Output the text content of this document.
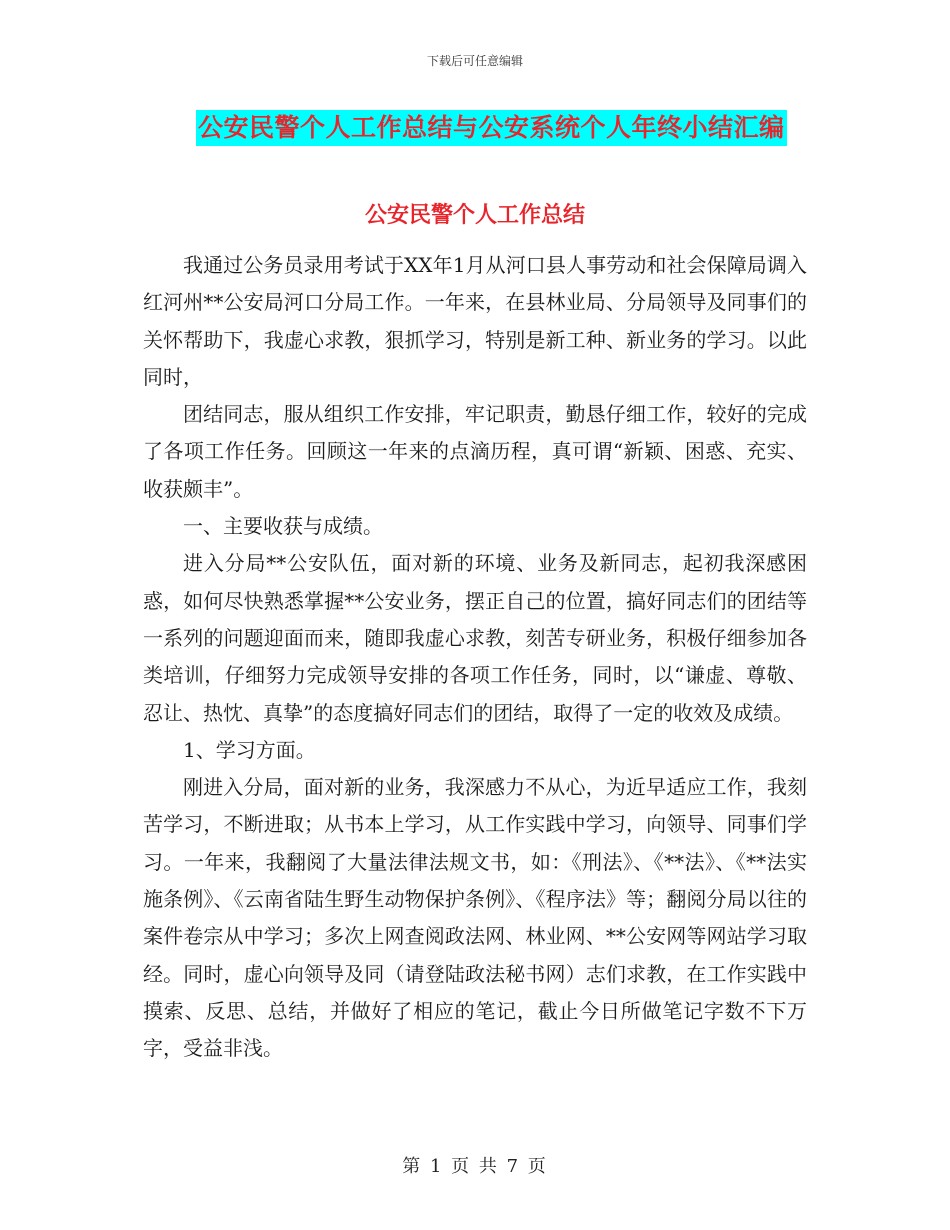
下载后可任意编辑
公安民警个人工作总结与公安系统个人年终小结汇编
公安民警个人工作总结

我通过公务员录用考试于XX年1月从河口县人事劳动和社会保障局调入红河州**公安局河口分局工作。一年来，在县林业局、分局领导及同事们的关怀帮助下，我虚心求教，狠抓学习，特别是新工种、新业务的学习。以此同时，

团结同志，服从组织工作安排，牢记职责，勤恳仔细工作，较好的完成了各项工作任务。回顾这一年来的点滴历程，真可谓“新颖、困惑、充实、收获颇丰”。

一、主要收获与成绩。

进入分局**公安队伍，面对新的环境、业务及新同志，起初我深感困惑，如何尽快熟悉掌握**公安业务，摆正自己的位置，搞好同志们的团结等一系列的问题迎面而来，随即我虚心求教，刻苦专研业务，积极仔细参加各类培训，仔细努力完成领导安排的各项工作任务，同时，以“谦虚、尊敬、忍让、热忱、真挚”的态度搞好同志们的团结，取得了一定的收效及成绩。

1、学习方面。

刚进入分局，面对新的业务，我深感力不从心，为近早适应工作，我刻苦学习，不断进取；从书本上学习，从工作实践中学习，向领导、同事们学习。一年来，我翻阅了大量法律法规文书，如：《刑法》、《**法》、《**法实施条例》、《云南省陆生野生动物保护条例》、《程序法》等；翻阅分局以往的案件卷宗从中学习；多次上网查阅政法网、林业网、**公安网等网站学习取经。同时，虚心向领导及同（请登陆政法秘书网）志们求教，在工作实践中摸索、反思、总结，并做好了相应的笔记，截止今日所做笔记字数不下万字，受益非浅。

第 1 页 共 7 页
